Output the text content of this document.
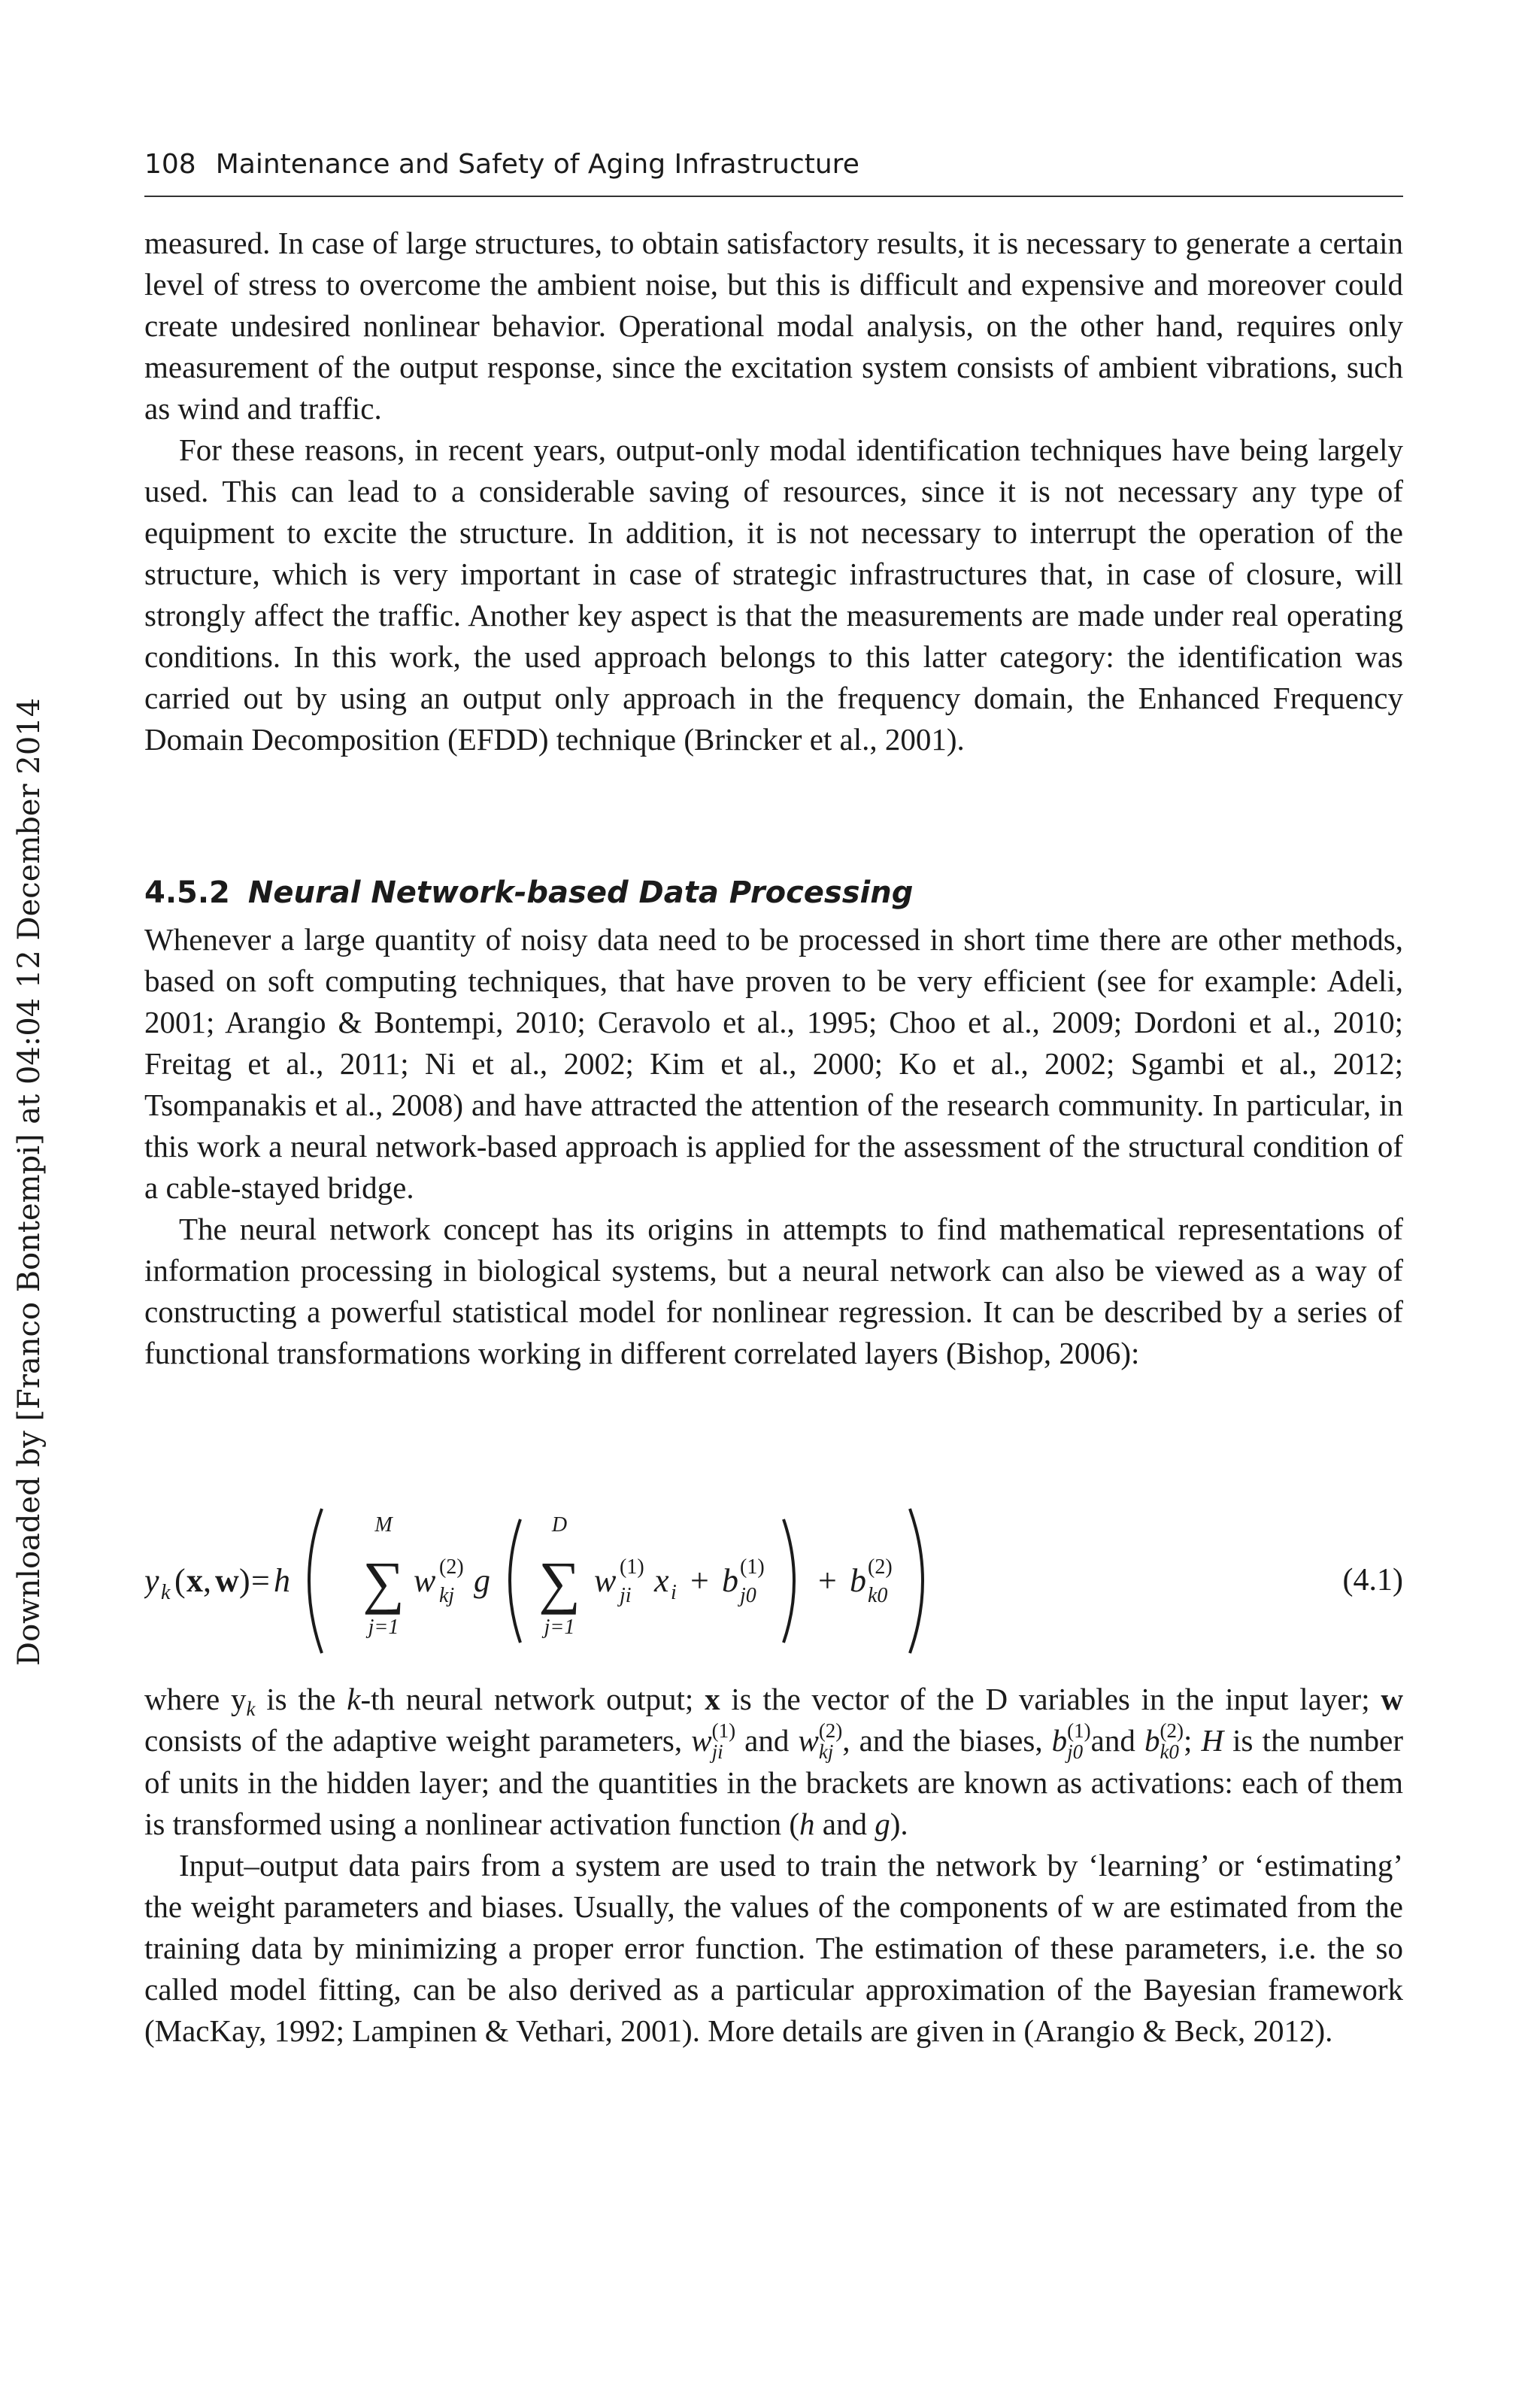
108 Maintenance and Safety of Aging Infrastructure
Downloaded by [Franco Bontempi] at 04:04 12 December 2014

measured. In case of large structures, to obtain satisfactory results, it is necessary to generate a certain level of stress to overcome the ambient noise, but this is difficult and expensive and moreover could create undesired nonlinear behavior. Operational modal analysis, on the other hand, requires only measurement of the output response, since the excitation system consists of ambient vibrations, such as wind and traffic.

For these reasons, in recent years, output-only modal identification techniques have being largely used. This can lead to a considerable saving of resources, since it is not necessary any type of equipment to excite the structure. In addition, it is not necessary to interrupt the operation of the structure, which is very important in case of strategic infrastructures that, in case of closure, will strongly affect the traffic. Another key aspect is that the measurements are made under real operating conditions. In this work, the used approach belongs to this latter category: the identification was carried out by using an output only approach in the frequency domain, the Enhanced Frequency Domain Decomposition (EFDD) technique (Brincker et al., 2001).

4.5.2 Neural Network-based Data Processing

Whenever a large quantity of noisy data need to be processed in short time there are other methods, based on soft computing techniques, that have proven to be very efficient (see for example: Adeli, 2001; Arangio & Bontempi, 2010; Ceravolo et al., 1995; Choo et al., 2009; Dordoni et al., 2010; Freitag et al., 2011; Ni et al., 2002; Kim et al., 2000; Ko et al., 2002; Sgambi et al., 2012; Tsompanakis et al., 2008) and have attracted the attention of the research community. In particular, in this work a neural network-based approach is applied for the assessment of the structural condition of a cable-stayed bridge.

The neural network concept has its origins in attempts to find mathematical representations of information processing in biological systems, but a neural network can also be viewed as a way of constructing a powerful statistical model for nonlinear regression. It can be described by a series of functional transformations working in different correlated layers (Bishop, 2006):

y k ( x , w ) = h
M
∑
j=1
w (2)
kj g
D
∑
j=1
w (1)
ji x i + b (1)
j0 + b (2)
k0	(4.1)

where $y_k$ is the k-th neural network output; x is the vector of the D variables in the input layer; w consists of the adaptive weight parameters, w (1)
ji and w (2)
kj , and the biases, b (1)
j0 and b (2)
k0 ; H is the number of units in the hidden layer; and the quantities in the brackets are known as activations: each of them is transformed using a nonlinear activation function (h and g).

Input–output data pairs from a system are used to train the network by ‘learning’ or ‘estimating’ the weight parameters and biases. Usually, the values of the components of w are estimated from the training data by minimizing a proper error function. The estimation of these parameters, i.e. the so called model fitting, can be also derived as a particular approximation of the Bayesian framework (MacKay, 1992; Lampinen & Vethari, 2001). More details are given in (Arangio & Beck, 2012).
